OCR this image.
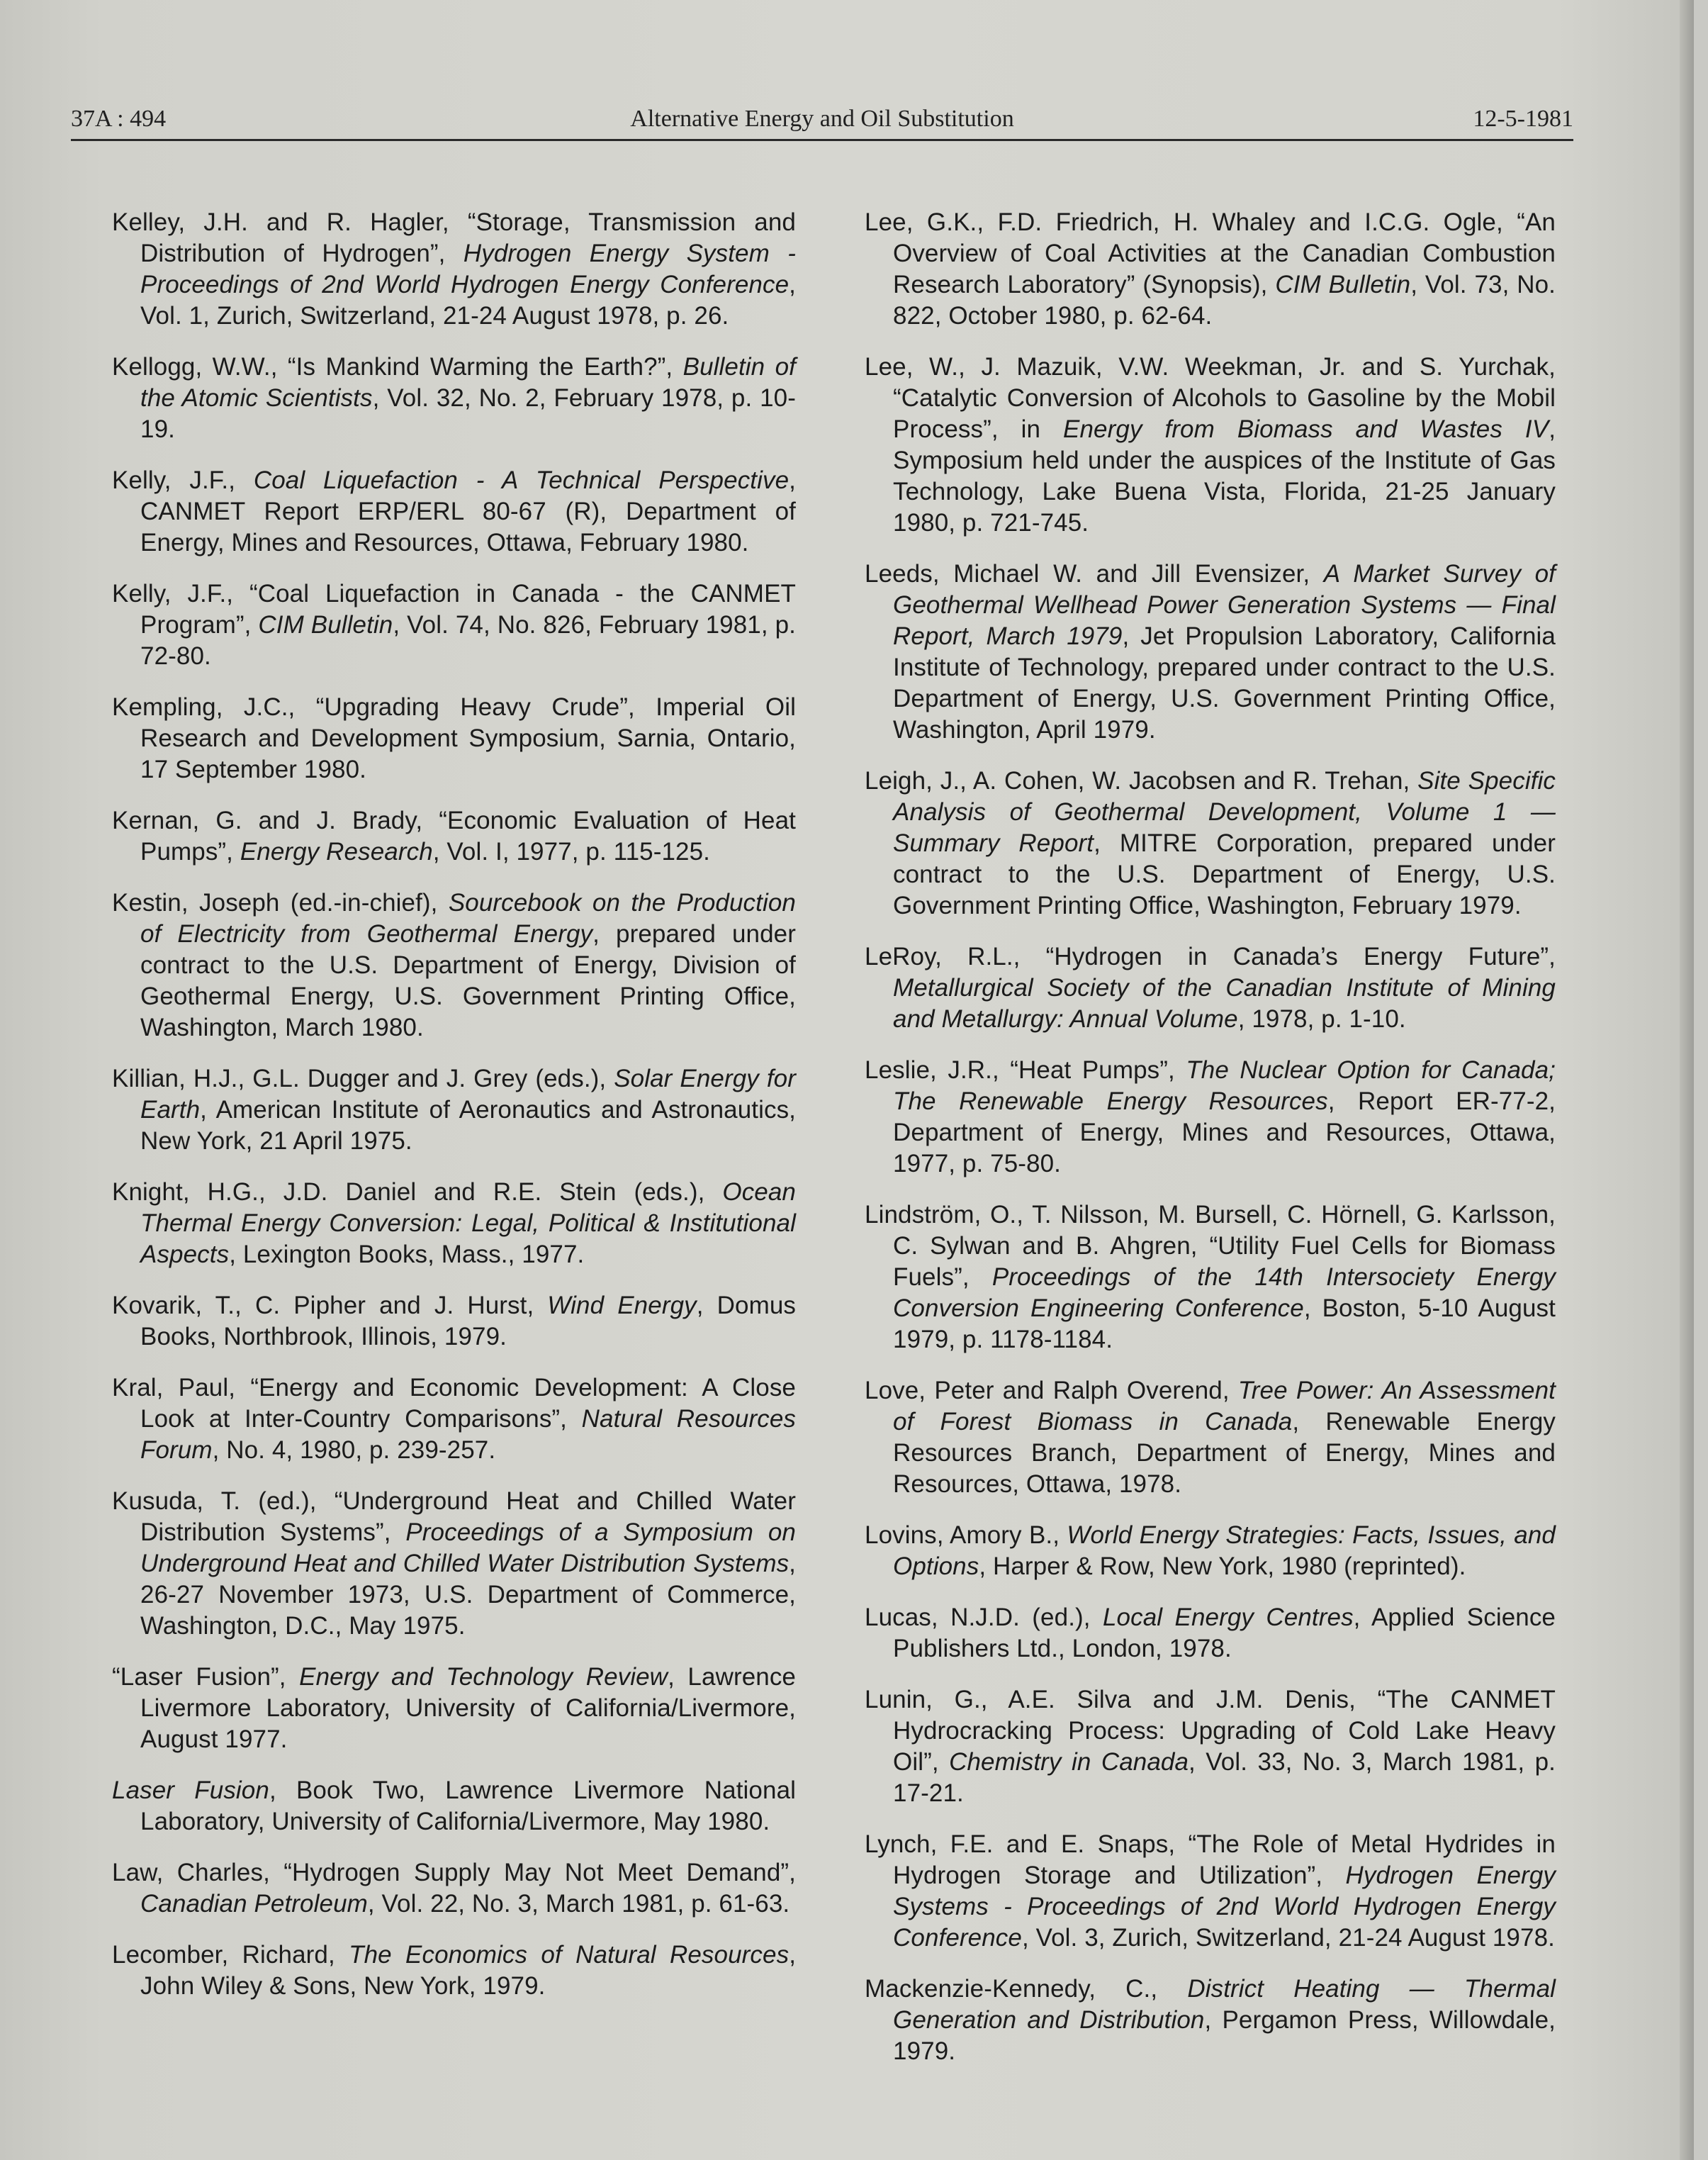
37A : 494	Alternative Energy and Oil Substitution	12-5-1981

Kelley, J.H. and R. Hagler, “Storage, Transmission and Distribution of Hydrogen”, Hydrogen Energy System - Proceedings of 2nd World Hydrogen Energy Conference, Vol. 1, Zurich, Switzerland, 21-24 August 1978, p. 26.

Kellogg, W.W., “Is Mankind Warming the Earth?”, Bulletin of the Atomic Scientists, Vol. 32, No. 2, February 1978, p. 10-19.

Kelly, J.F., Coal Liquefaction - A Technical Perspective, CANMET Report ERP/ERL 80-67 (R), Department of Energy, Mines and Resources, Ottawa, February 1980.

Kelly, J.F., “Coal Liquefaction in Canada - the CANMET Program”, CIM Bulletin, Vol. 74, No. 826, February 1981, p. 72-80.

Kempling, J.C., “Upgrading Heavy Crude”, Imperial Oil Research and Development Symposium, Sarnia, Ontario, 17 September 1980.

Kernan, G. and J. Brady, “Economic Evaluation of Heat Pumps”, Energy Research, Vol. I, 1977, p. 115-125.

Kestin, Joseph (ed.-in-chief), Sourcebook on the Production of Electricity from Geothermal Energy, prepared under contract to the U.S. Department of Energy, Division of Geothermal Energy, U.S. Government Printing Office, Washington, March 1980.

Killian, H.J., G.L. Dugger and J. Grey (eds.), Solar Energy for Earth, American Institute of Aeronautics and Astronautics, New York, 21 April 1975.

Knight, H.G., J.D. Daniel and R.E. Stein (eds.), Ocean Thermal Energy Conversion: Legal, Political & Institutional Aspects, Lexington Books, Mass., 1977.

Kovarik, T., C. Pipher and J. Hurst, Wind Energy, Domus Books, Northbrook, Illinois, 1979.

Kral, Paul, “Energy and Economic Development: A Close Look at Inter-Country Comparisons”, Natural Resources Forum, No. 4, 1980, p. 239-257.

Kusuda, T. (ed.), “Underground Heat and Chilled Water Distribution Systems”, Proceedings of a Symposium on Underground Heat and Chilled Water Distribution Systems, 26-27 November 1973, U.S. Department of Commerce, Washington, D.C., May 1975.

“Laser Fusion”, Energy and Technology Review, Lawrence Livermore Laboratory, University of California/Livermore, August 1977.

Laser Fusion, Book Two, Lawrence Livermore National Laboratory, University of California/Livermore, May 1980.

Law, Charles, “Hydrogen Supply May Not Meet Demand”, Canadian Petroleum, Vol. 22, No. 3, March 1981, p. 61-63.

Lecomber, Richard, The Economics of Natural Resources, John Wiley & Sons, New York, 1979.

Lee, G.K., F.D. Friedrich, H. Whaley and I.C.G. Ogle, “An Overview of Coal Activities at the Canadian Combustion Research Laboratory” (Synopsis), CIM Bulletin, Vol. 73, No. 822, October 1980, p. 62-64.

Lee, W., J. Mazuik, V.W. Weekman, Jr. and S. Yurchak, “Catalytic Conversion of Alcohols to Gasoline by the Mobil Process”, in Energy from Biomass and Wastes IV, Symposium held under the auspices of the Institute of Gas Technology, Lake Buena Vista, Florida, 21-25 January 1980, p. 721-745.

Leeds, Michael W. and Jill Evensizer, A Market Survey of Geothermal Wellhead Power Generation Systems — Final Report, March 1979, Jet Propulsion Laboratory, California Institute of Technology, prepared under contract to the U.S. Department of Energy, U.S. Government Printing Office, Washington, April 1979.

Leigh, J., A. Cohen, W. Jacobsen and R. Trehan, Site Specific Analysis of Geothermal Development, Volume 1 — Summary Report, MITRE Corporation, prepared under contract to the U.S. Department of Energy, U.S. Government Printing Office, Washington, February 1979.

LeRoy, R.L., “Hydrogen in Canada’s Energy Future”, Metallurgical Society of the Canadian Institute of Mining and Metallurgy: Annual Volume, 1978, p. 1-10.

Leslie, J.R., “Heat Pumps”, The Nuclear Option for Canada; The Renewable Energy Resources, Report ER-77-2, Department of Energy, Mines and Resources, Ottawa, 1977, p. 75-80.

Lindström, O., T. Nilsson, M. Bursell, C. Hörnell, G. Karlsson, C. Sylwan and B. Ahgren, “Utility Fuel Cells for Biomass Fuels”, Proceedings of the 14th Intersociety Energy Conversion Engineering Conference, Boston, 5-10 August 1979, p. 1178-1184.

Love, Peter and Ralph Overend, Tree Power: An Assessment of Forest Biomass in Canada, Renewable Energy Resources Branch, Department of Energy, Mines and Resources, Ottawa, 1978.

Lovins, Amory B., World Energy Strategies: Facts, Issues, and Options, Harper & Row, New York, 1980 (reprinted).

Lucas, N.J.D. (ed.), Local Energy Centres, Applied Science Publishers Ltd., London, 1978.

Lunin, G., A.E. Silva and J.M. Denis, “The CANMET Hydrocracking Process: Upgrading of Cold Lake Heavy Oil”, Chemistry in Canada, Vol. 33, No. 3, March 1981, p. 17-21.

Lynch, F.E. and E. Snaps, “The Role of Metal Hydrides in Hydrogen Storage and Utilization”, Hydrogen Energy Systems - Proceedings of 2nd World Hydrogen Energy Conference, Vol. 3, Zurich, Switzerland, 21-24 August 1978.

Mackenzie-Kennedy, C., District Heating — Thermal Generation and Distribution, Pergamon Press, Willowdale, 1979.
